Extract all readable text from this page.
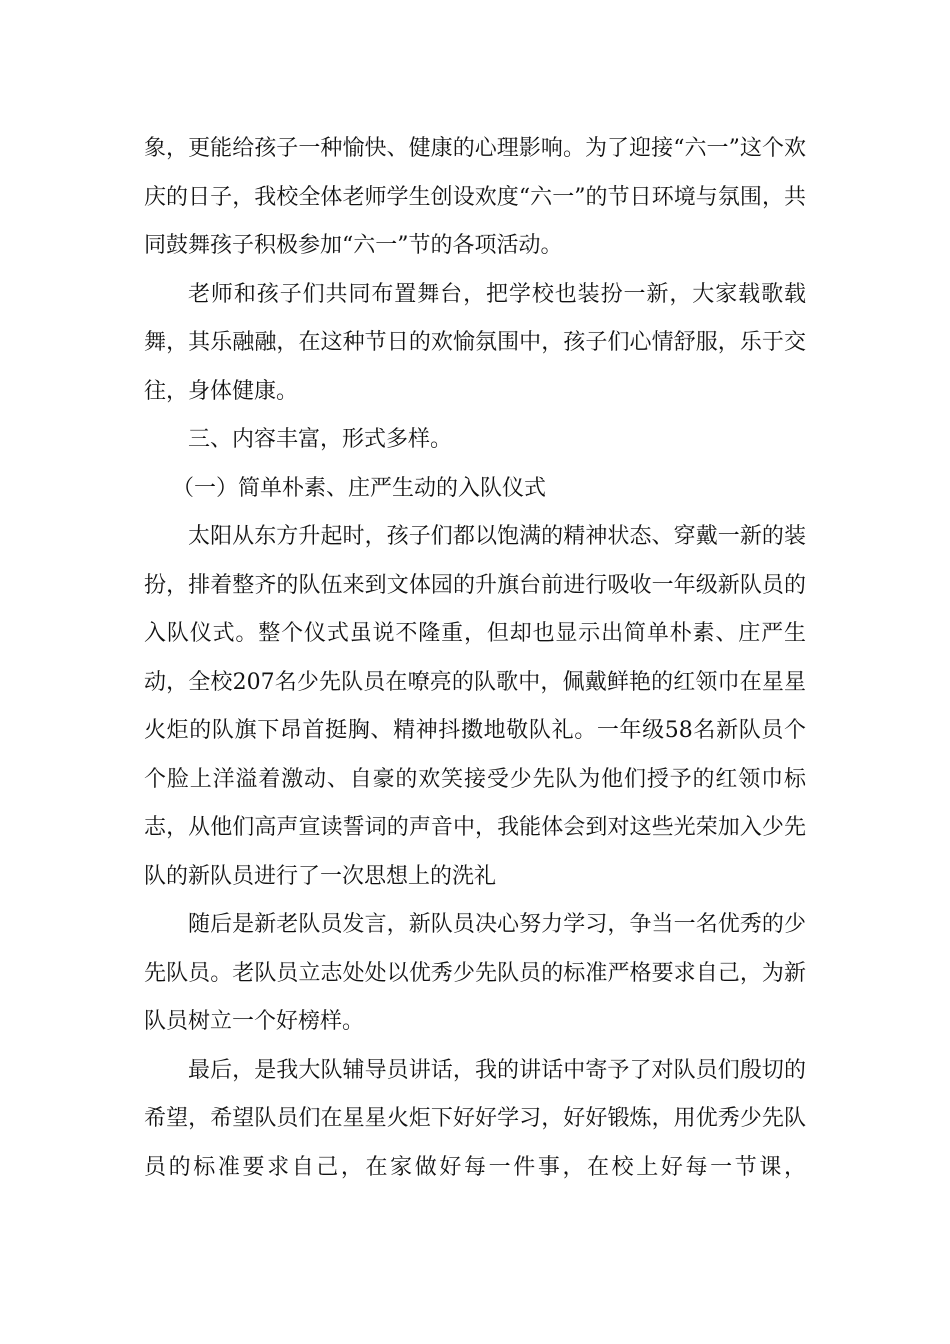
象，更能给孩子一种愉快、健康的心理影响。为了迎接“六一”这个欢庆的日子，我校全体老师学生创设欢度“六一”的节日环境与氛围，共同鼓舞孩子积极参加“六一”节的各项活动。

老师和孩子们共同布置舞台，把学校也装扮一新，大家载歌载舞，其乐融融，在这种节日的欢愉氛围中，孩子们心情舒服，乐于交往，身体健康。

三、内容丰富，形式多样。

（一）简单朴素、庄严生动的入队仪式

太阳从东方升起时，孩子们都以饱满的精神状态、穿戴一新的装扮，排着整齐的队伍来到文体园的升旗台前进行吸收一年级新队员的入队仪式。整个仪式虽说不隆重，但却也显示出简单朴素、庄严生动，全校207名少先队员在嘹亮的队歌中，佩戴鲜艳的红领巾在星星火炬的队旗下昂首挺胸、精神抖擞地敬队礼。一年级58名新队员个个脸上洋溢着激动、自豪的欢笑接受少先队为他们授予的红领巾标志，从他们高声宣读誓词的声音中，我能体会到对这些光荣加入少先队的新队员进行了一次思想上的洗礼

随后是新老队员发言，新队员决心努力学习，争当一名优秀的少先队员。老队员立志处处以优秀少先队员的标准严格要求自己，为新队员树立一个好榜样。

最后，是我大队辅导员讲话，我的讲话中寄予了对队员们殷切的希望，希望队员们在星星火炬下好好学习，好好锻炼，用优秀少先队员的标准要求自己，在家做好每一件事，在校上好每一节课，
